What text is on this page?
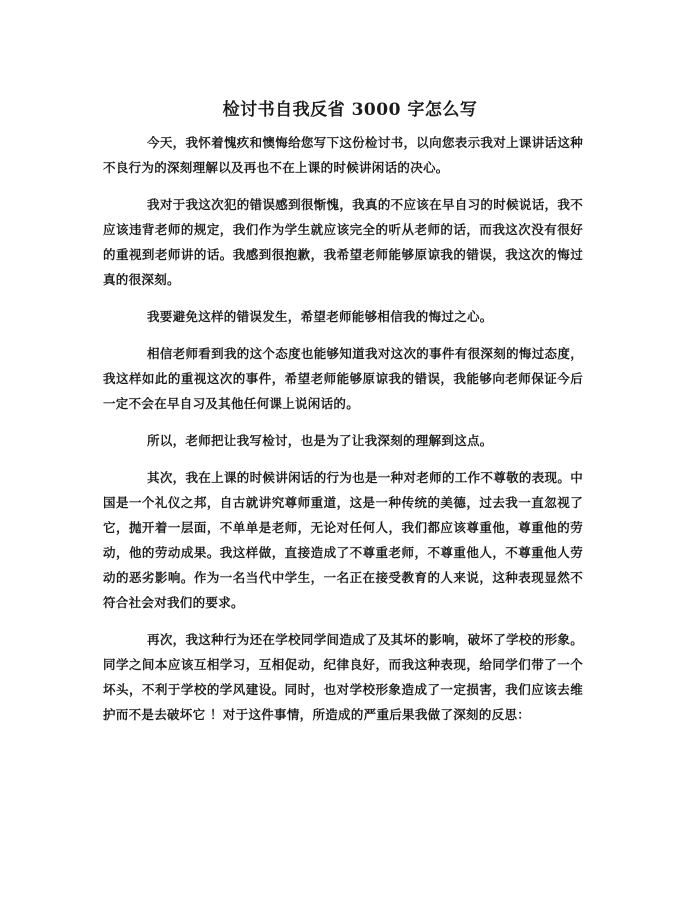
检讨书自我反省 3000 字怎么写

今天，我怀着愧疚和懊悔给您写下这份检讨书，以向您表示我对上课讲话这种不良行为的深刻理解以及再也不在上课的时候讲闲话的决心。

我对于我这次犯的错误感到很惭愧，我真的不应该在早自习的时候说话，我不应该违背老师的规定，我们作为学生就应该完全的听从老师的话，而我这次没有很好的重视到老师讲的话。我感到很抱歉，我希望老师能够原谅我的错误，我这次的悔过真的很深刻。

我要避免这样的错误发生，希望老师能够相信我的悔过之心。

相信老师看到我的这个态度也能够知道我对这次的事件有很深刻的悔过态度，我这样如此的重视这次的事件，希望老师能够原谅我的错误，我能够向老师保证今后一定不会在早自习及其他任何课上说闲话的。

所以，老师把让我写检讨，也是为了让我深刻的理解到这点。

其次，我在上课的时候讲闲话的行为也是一种对老师的工作不尊敬的表现。中国是一个礼仪之邦，自古就讲究尊师重道，这是一种传统的美德，过去我一直忽视了它，抛开着一层面，不单单是老师，无论对任何人，我们都应该尊重他，尊重他的劳动，他的劳动成果。我这样做，直接造成了不尊重老师，不尊重他人，不尊重他人劳动的恶劣影响。作为一名当代中学生，一名正在接受教育的人来说，这种表现显然不符合社会对我们的要求。

再次，我这种行为还在学校同学间造成了及其坏的影响，破坏了学校的形象。同学之间本应该互相学习，互相促动，纪律良好，而我这种表现，给同学们带了一个坏头，不利于学校的学风建设。同时，也对学校形象造成了一定损害，我们应该去维护而不是去破坏它 ！对于这件事情，所造成的严重后果我做了深刻的反思：
